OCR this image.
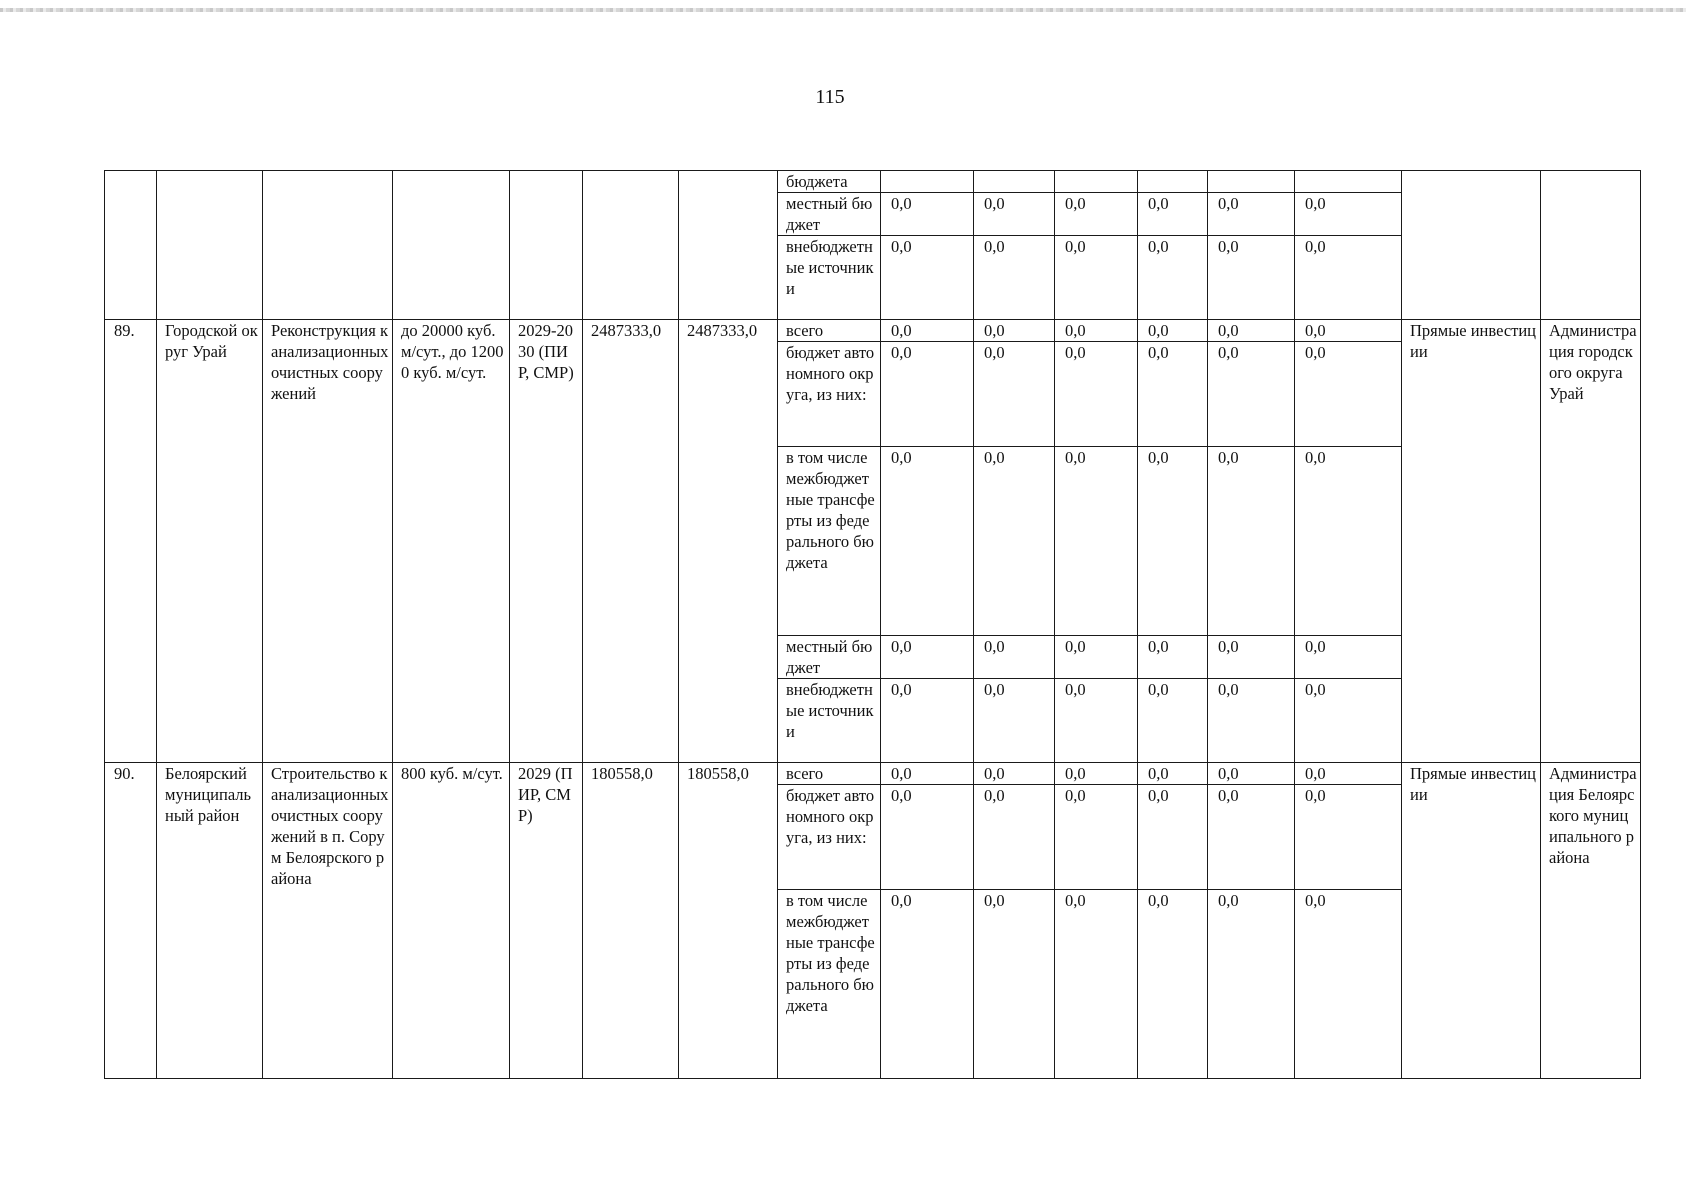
115
							бюджета								
							местный бюджет	0,0	0,0	0,0	0,0	0,0	0,0		
							внебюджетные источники	0,0	0,0	0,0	0,0	0,0	0,0		
89.	Городской округ Урай	Реконструкция канализационных очистных сооружений	до 20000 куб. м/сут., до 12000 куб. м/сут.	2029-2030 (ПИР, СМР)	2487333,0	2487333,0	всего	0,0	0,0	0,0	0,0	0,0	0,0	Прямые инвестиции	Администрация городского округа Урай
							бюджет автономного округа, из них:	0,0	0,0	0,0	0,0	0,0	0,0		
							в том числе межбюджетные трансферты из федерального бюджета	0,0	0,0	0,0	0,0	0,0	0,0		
							местный бюджет	0,0	0,0	0,0	0,0	0,0	0,0		
							внебюджетные источники	0,0	0,0	0,0	0,0	0,0	0,0		
90.	Белоярский муниципальный район	Строительство канализационных очистных сооружений в п. Сорум Белоярского района	800 куб. м/сут.	2029 (ПИР, СМР)	180558,0	180558,0	всего	0,0	0,0	0,0	0,0	0,0	0,0	Прямые инвестиции	Администрация Белоярского муниципального района
							бюджет автономного округа, из них:	0,0	0,0	0,0	0,0	0,0	0,0		
							в том числе межбюджетные трансферты из федерального бюджета	0,0	0,0	0,0	0,0	0,0	0,0		
